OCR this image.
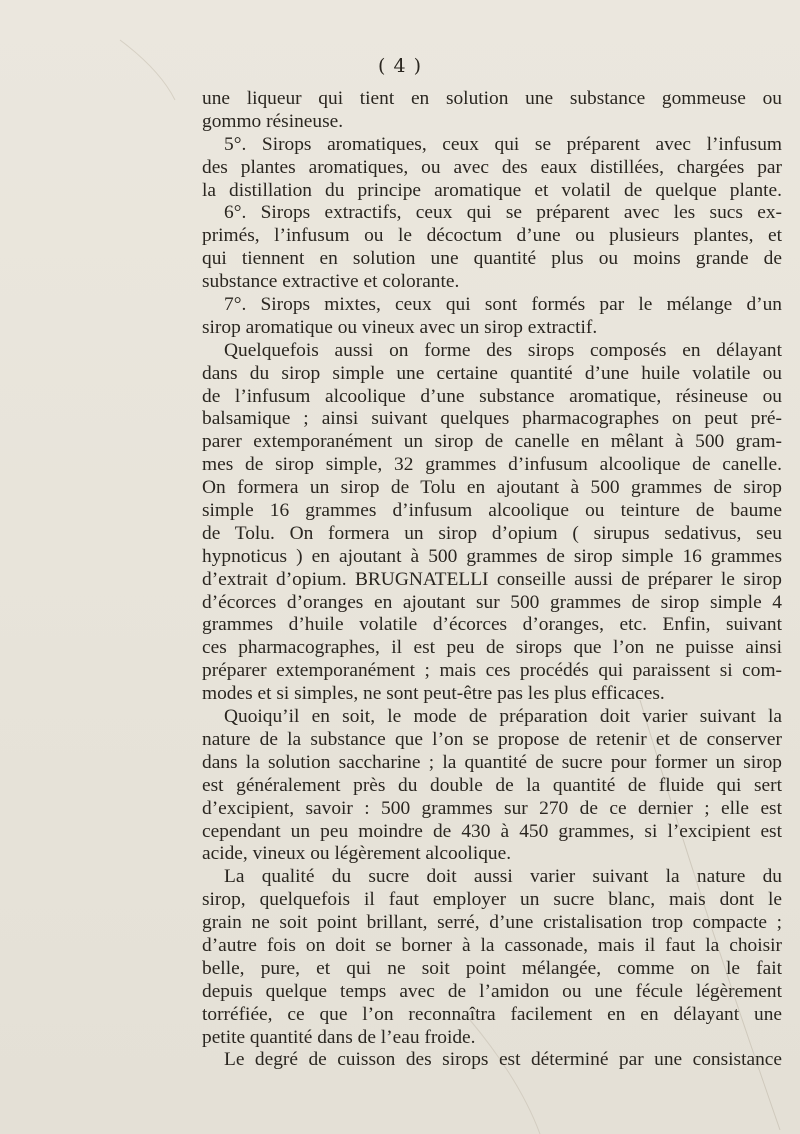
( 4 )
une liqueur qui tient en solution une substance gommeuse ou
gommo résineuse.
5°. Sirops aromatiques, ceux qui se préparent avec l’infusum
des plantes aromatiques, ou avec des eaux distillées, chargées par
la distillation du principe aromatique et volatil de quelque plante.
6°. Sirops extractifs, ceux qui se préparent avec les sucs ex-
primés, l’infusum ou le décoctum d’une ou plusieurs plantes, et
qui tiennent en solution une quantité plus ou moins grande de
substance extractive et colorante.
7°. Sirops mixtes, ceux qui sont formés par le mélange d’un
sirop aromatique ou vineux avec un sirop extractif.
Quelquefois aussi on forme des sirops composés en délayant
dans du sirop simple une certaine quantité d’une huile volatile ou
de l’infusum alcoolique d’une substance aromatique, résineuse ou
balsamique ; ainsi suivant quelques pharmacographes on peut pré-
parer extemporanément un sirop de canelle en mêlant à 500 gram-
mes de sirop simple, 32 grammes d’infusum alcoolique de canelle.
On formera un sirop de Tolu en ajoutant à 500 grammes de sirop
simple 16 grammes d’infusum alcoolique ou teinture de baume
de Tolu. On formera un sirop d’opium ( sirupus sedativus, seu
hypnoticus ) en ajoutant à 500 grammes de sirop simple 16 grammes
d’extrait d’opium. BRUGNATELLI conseille aussi de préparer le sirop
d’écorces d’oranges en ajoutant sur 500 grammes de sirop simple 4
grammes d’huile volatile d’écorces d’oranges, etc. Enfin, suivant
ces pharmacographes, il est peu de sirops que l’on ne puisse ainsi
préparer extemporanément ; mais ces procédés qui paraissent si com-
modes et si simples, ne sont peut-être pas les plus efficaces.
Quoiqu’il en soit, le mode de préparation doit varier suivant la
nature de la substance que l’on se propose de retenir et de conserver
dans la solution saccharine ; la quantité de sucre pour former un sirop
est généralement près du double de la quantité de fluide qui sert
d’excipient, savoir : 500 grammes sur 270 de ce dernier ; elle est
cependant un peu moindre de 430 à 450 grammes, si l’excipient est
acide, vineux ou légèrement alcoolique.
La qualité du sucre doit aussi varier suivant la nature du
sirop, quelquefois il faut employer un sucre blanc, mais dont le
grain ne soit point brillant, serré, d’une cristalisation trop compacte ;
d’autre fois on doit se borner à la cassonade, mais il faut la choisir
belle, pure, et qui ne soit point mélangée, comme on le fait
depuis quelque temps avec de l’amidon ou une fécule légèrement
torréfiée, ce que l’on reconnaîtra facilement en en délayant une
petite quantité dans de l’eau froide.
Le degré de cuisson des sirops est déterminé par une consistance
